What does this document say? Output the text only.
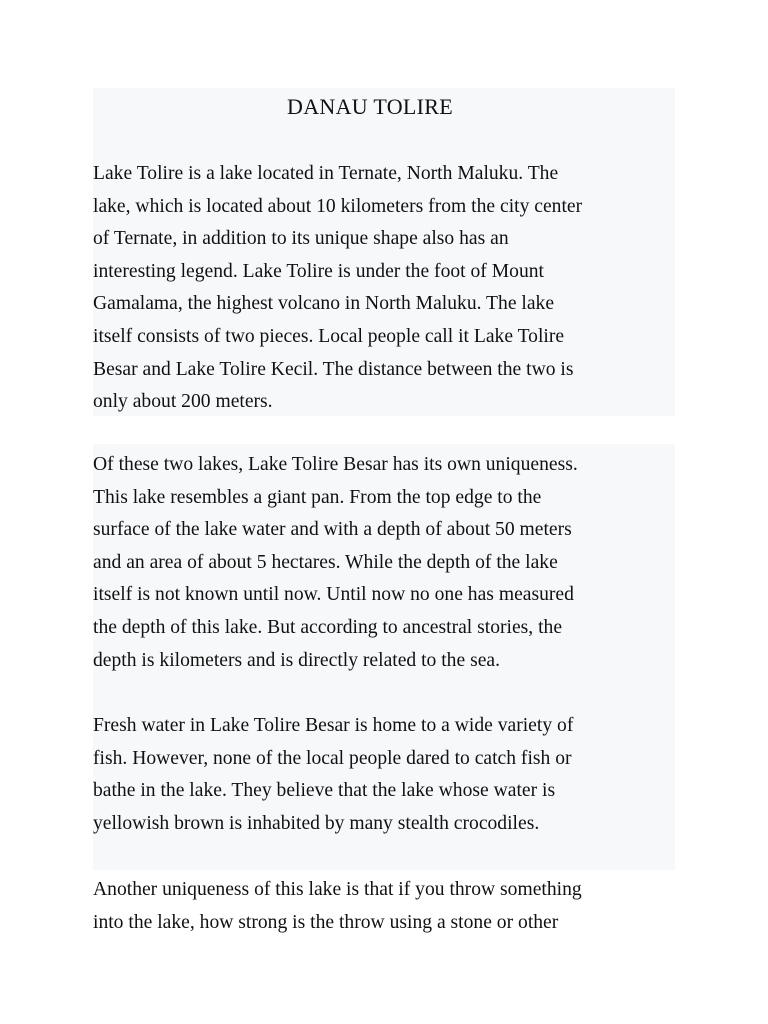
DANAU TOLIRE

Lake Tolire is a lake located in Ternate, North Maluku. The
lake, which is located about 10 kilometers from the city center
of Ternate, in addition to its unique shape also has an
interesting legend. Lake Tolire is under the foot of Mount
Gamalama, the highest volcano in North Maluku. The lake
itself consists of two pieces. Local people call it Lake Tolire
Besar and Lake Tolire Kecil. The distance between the two is
only about 200 meters.

Of these two lakes, Lake Tolire Besar has its own uniqueness.
This lake resembles a giant pan. From the top edge to the
surface of the lake water and with a depth of about 50 meters
and an area of about 5 hectares. While the depth of the lake
itself is not known until now. Until now no one has measured
the depth of this lake. But according to ancestral stories, the
depth is kilometers and is directly related to the sea.

Fresh water in Lake Tolire Besar is home to a wide variety of
fish. However, none of the local people dared to catch fish or
bathe in the lake. They believe that the lake whose water is
yellowish brown is inhabited by many stealth crocodiles.

Another uniqueness of this lake is that if you throw something
into the lake, how strong is the throw using a stone or other
